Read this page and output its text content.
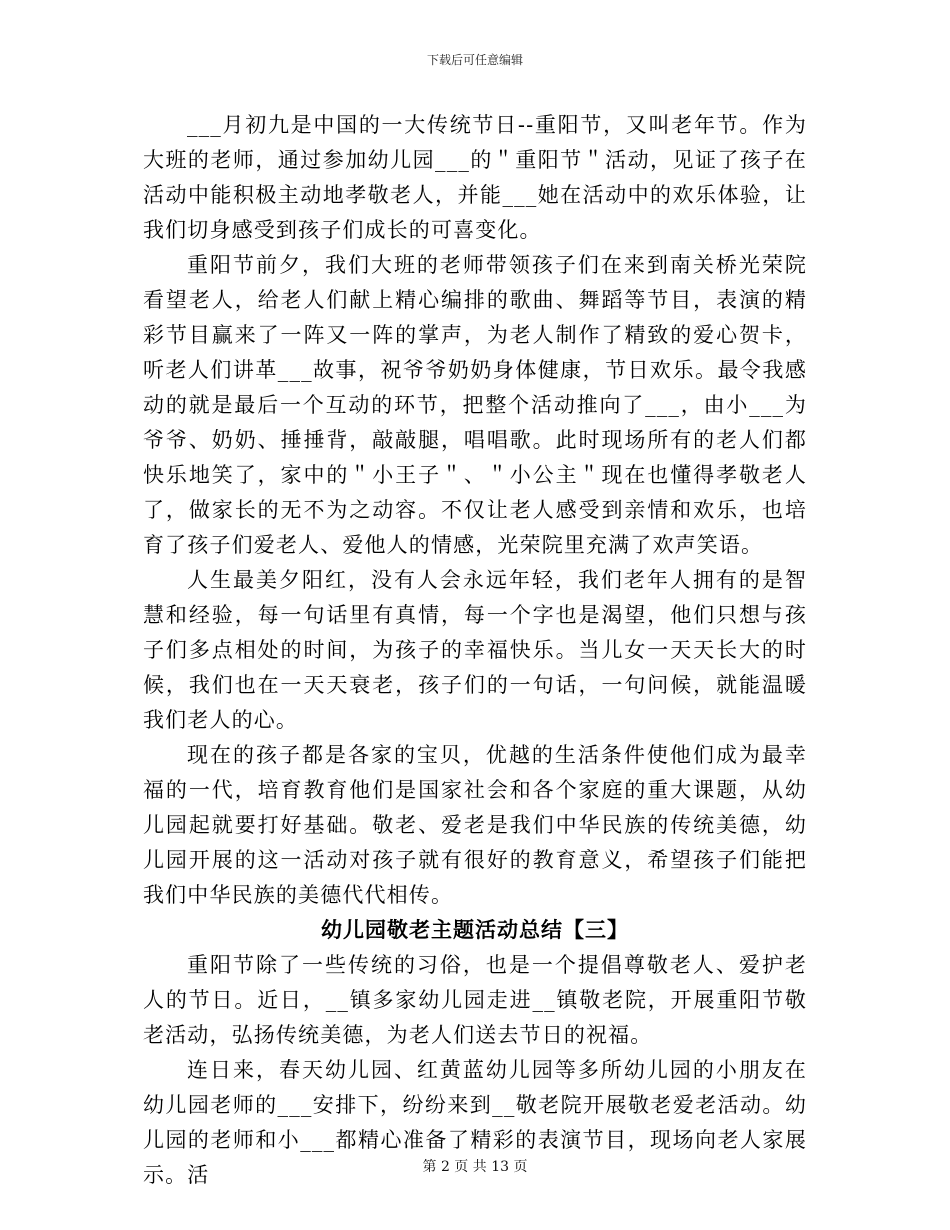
下载后可任意编辑

___月初九是中国的一大传统节日--重阳节，又叫老年节。作为大班的老师，通过参加幼儿园___的＂重阳节＂活动，见证了孩子在活动中能积极主动地孝敬老人，并能___她在活动中的欢乐体验，让我们切身感受到孩子们成长的可喜变化。

重阳节前夕，我们大班的老师带领孩子们在来到南关桥光荣院看望老人，给老人们献上精心编排的歌曲、舞蹈等节目，表演的精彩节目赢来了一阵又一阵的掌声，为老人制作了精致的爱心贺卡，听老人们讲革___故事，祝爷爷奶奶身体健康，节日欢乐。最令我感动的就是最后一个互动的环节，把整个活动推向了___，由小___为爷爷、奶奶、捶捶背，敲敲腿，唱唱歌。此时现场所有的老人们都快乐地笑了，家中的＂小王子＂、＂小公主＂现在也懂得孝敬老人了，做家长的无不为之动容。不仅让老人感受到亲情和欢乐，也培育了孩子们爱老人、爱他人的情感，光荣院里充满了欢声笑语。

人生最美夕阳红，没有人会永远年轻，我们老年人拥有的是智慧和经验，每一句话里有真情，每一个字也是渴望，他们只想与孩子们多点相处的时间，为孩子的幸福快乐。当儿女一天天长大的时候，我们也在一天天衰老，孩子们的一句话，一句问候，就能温暖我们老人的心。

现在的孩子都是各家的宝贝，优越的生活条件使他们成为最幸福的一代，培育教育他们是国家社会和各个家庭的重大课题，从幼儿园起就要打好基础。敬老、爱老是我们中华民族的传统美德，幼儿园开展的这一活动对孩子就有很好的教育意义，希望孩子们能把我们中华民族的美德代代相传。

幼儿园敬老主题活动总结【三】

重阳节除了一些传统的习俗，也是一个提倡尊敬老人、爱护老人的节日。近日，__镇多家幼儿园走进__镇敬老院，开展重阳节敬老活动，弘扬传统美德，为老人们送去节日的祝福。

连日来，春天幼儿园、红黄蓝幼儿园等多所幼儿园的小朋友在幼儿园老师的___安排下，纷纷来到__敬老院开展敬老爱老活动。幼儿园的老师和小___都精心准备了精彩的表演节目，现场向老人家展示。活	第 2 页 共 13 页
